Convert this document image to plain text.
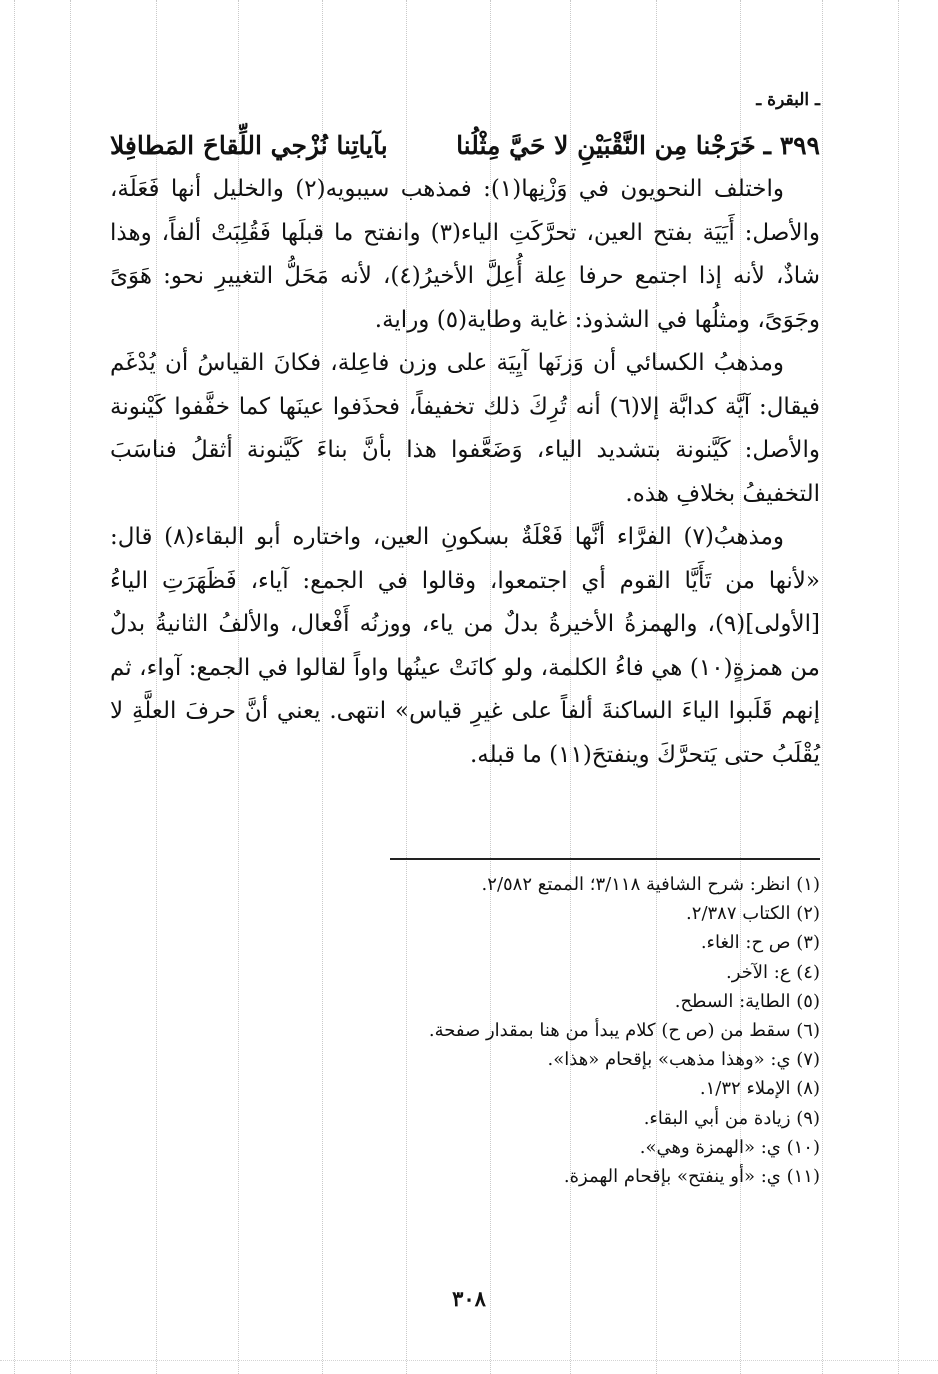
ـ البقرة ـ
٣٩٩ ـ
خَرَجْنا مِن النَّقْبَيْنِ لا حَيَّ مِثْلُنا
بآياتِنا نُزْجي اللِّقاحَ المَطافِلا

واختلف النحويون في وَزْنِها(١): فمذهب سيبويه(٢) والخليل أنها فَعَلَة، والأصل: أَيَيَة بفتح العين، تحرَّكَتِ الياء(٣) وانفتح ما قبلَها فَقُلِبَتْ ألفاً، وهذا شاذٌ، لأنه إذا اجتمع حرفا عِلة أُعِلَّ الأخيرُ(٤)، لأنه مَحَلُّ التغييرِ نحو: هَوَىً وجَوَىً، ومثلُها في الشذوذ: غاية وطاية(٥) وراية.

ومذهبُ الكسائي أن وَزنَها آيِيَة على وزن فاعِلة، فكانَ القياسُ أن يُدْغَم فيقال: آيَّة كدابَّة إلا(٦) أنه تُرِكَ ذلك تخفيفاً، فحذَفوا عينَها كما خفَّفوا كَيْنونة والأصل: كَيَّنونة بتشديد الياء، وَضَعَّفوا هذا بأنَّ بناءَ كَيَّنونة أثقلُ فناسَبَ التخفيفُ بخلافِ هذه.

ومذهبُ(٧) الفرَّاء أنَّها فَعْلَةٌ بسكونِ العين، واختاره أبو البقاء(٨) قال: «لأنها من تَأَيَّا القوم أي اجتمعوا، وقالوا في الجمع: آياء، فَظَهَرَتِ الياءُ [الأولى](٩)، والهمزةُ الأخيرةُ بدلٌ من ياء، ووزنُه أَفْعال، والألفُ الثانيةُ بدلٌ من همزةٍ(١٠) هي فاءُ الكلمة، ولو كانَتْ عينُها واواً لقالوا في الجمع: آواء، ثم إنهم قَلَبوا الياءَ الساكنةَ ألفاً على غيرِ قياس» انتهى. يعني أنَّ حرفَ العلَّةِ لا يُقْلَبُ حتى يَتحرَّكَ وينفتحَ(١١) ما قبله.

(١) انظر: شرح الشافية ٣/١١٨؛ الممتع ٢/٥٨٢.

(٢) الكتاب ٢/٣٨٧.

(٣) ص ح: الغاء.

(٤) ع: الآخر.

(٥) الطاية: السطح.

(٦) سقط من (ص ح) كلام يبدأ من هنا بمقدار صفحة.

(٧) ي: «وهذا مذهب» بإقحام «هذا».

(٨) الإملاء ١/٣٢.

(٩) زيادة من أبي البقاء.

(١٠) ي: «الهمزة وهي».

(١١) ي: «أو ينفتح» بإقحام الهمزة.

٣٠٨
